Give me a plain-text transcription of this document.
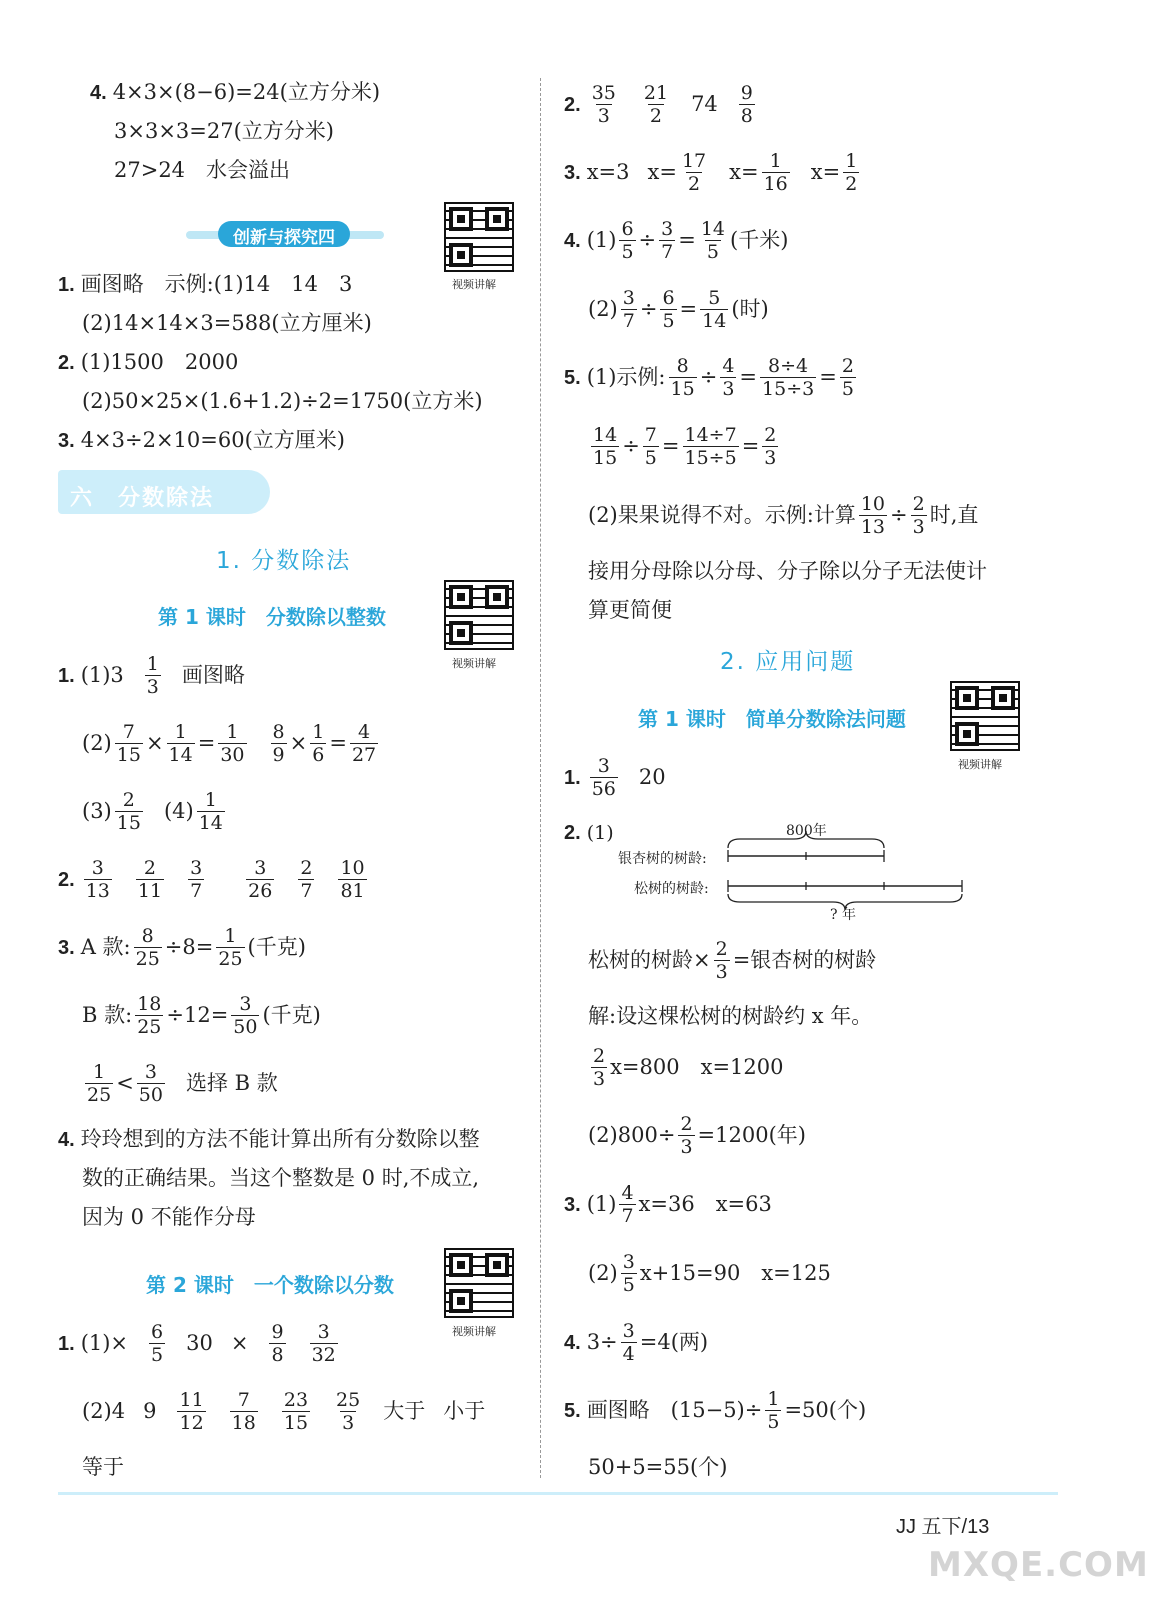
4. 4×3×(8−6)=24(立方分米)
3×3×3=27(立方分米)
27>24　水会溢出
创新与探究四
视频讲解
1. 画图略　示例:(1)14　14　3
(2)14×14×3=588(立方厘米)
2. (1)1500　2000
(2)50×25×(1.6+1.2)÷2=1750(立方米)
3. 4×3÷2×10=60(立方厘米)
六　分数除法
1. 分数除法
第 1 课时　分数除以整数
视频讲解
1. $(1)3 \frac{1}{3}$ 画图略
$(2) \frac{7}{15} \times \frac{1}{14} = \frac{1}{30} \frac{8}{9} \times \frac{1}{6} = \frac{4}{27}$
$(3) \frac{2}{15} (4) \frac{1}{14}$
2. $\frac{3}{13} \frac{2}{11} \frac{3}{7} \frac{3}{26} \frac{2}{7} \frac{10}{81}$
3. A 款: $\frac{8}{25} \div 8= \frac{1}{25}$ (千克)
B 款: $\frac{18}{25} \div 12= \frac{3}{50}$ (千克)
$\frac{1}{25} < \frac{3}{50}$ 选择 B 款
4. 玲玲想到的方法不能计算出所有分数除以整
数的正确结果。当这个整数是 0 时,不成立,
因为 0 不能作分母
第 2 课时　一个数除以分数
视频讲解
1. $(1)\times \frac{6}{5} 30 \times \frac{9}{8} \frac{3}{32}$
(2)4 $9 \frac{11}{12} \frac{7}{18} \frac{23}{15} \frac{25}{3}$ 大于 小于
等于
2. $\frac{35}{3} \frac{21}{2} 74 \frac{9}{8}$
3. x=3 $x= \frac{17}{2} x= \frac{1}{16} x= \frac{1}{2}$
4. $(1) \frac{6}{5} \div \frac{3}{7} = \frac{14}{5}$ (千米)
$(2) \frac{3}{7} \div \frac{6}{5} = \frac{5}{14}$ (时)
5. (1)示例: $\frac{8}{15} \div \frac{4}{3} = \frac{8\div 4}{15\div 3} = \frac{2}{5}$
$\frac{14}{15} \div \frac{7}{5} = \frac{14\div 7}{15\div 5} = \frac{2}{3}$
(2)果果说得不对。示例:计算 $\frac{10}{13} \div \frac{2}{3}$ 时,直
接用分母除以分母、分子除以分子无法使计
算更简便
2. 应用问题
第 1 课时　简单分数除法问题
视频讲解
1. $\frac{3}{56} 20$
2. (1)	800年
银杏树的树龄:
松树的树龄:
? 年
松树的树龄× $\frac{2}{3}$ =银杏树的树龄
解:设这棵松树的树龄约 x 年。
$\frac{2}{3} x=800$　x=1200
$(2)800\div \frac{2}{3} =1200$(年)
3. $(1) \frac{4}{7} x=36$　x=63
$(2) \frac{3}{5} x+15=90$　x=125
4. $3\div \frac{3}{4} =4$(两)
5. 画图略　$(15-5)\div \frac{1}{5} =50$(个)
50+5=55(个)
JJ 五下/13
MXQE.COM
